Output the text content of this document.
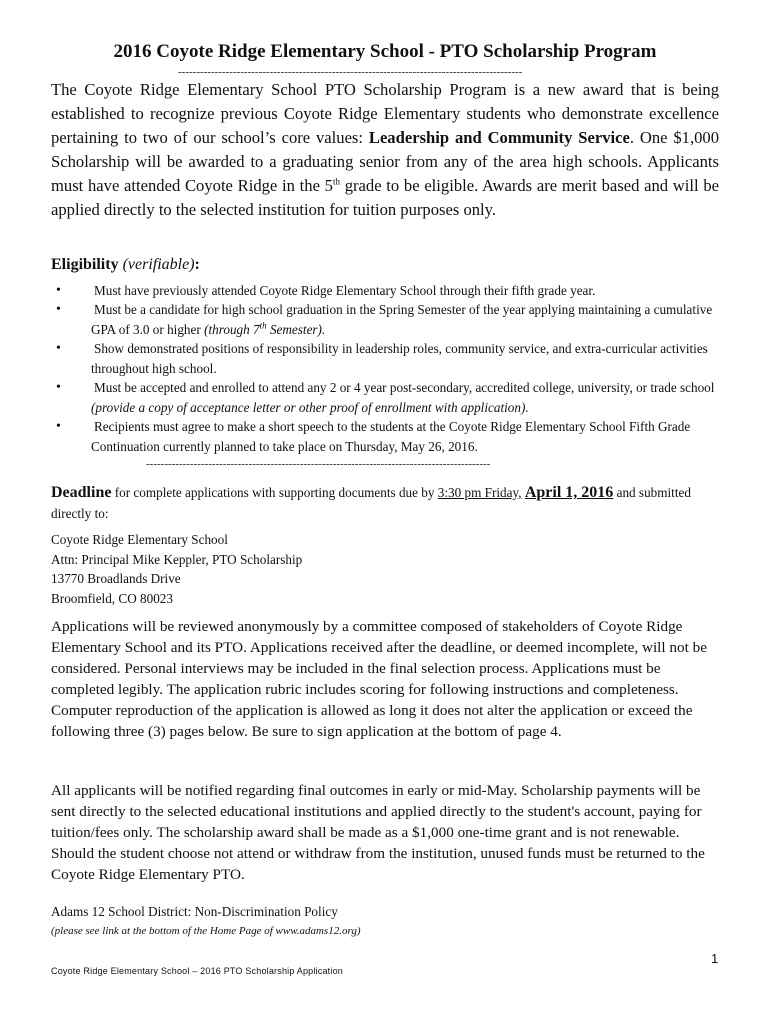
2016 Coyote Ridge Elementary School - PTO Scholarship Program
----------------------------------------------------------------------------------------------
The Coyote Ridge Elementary School PTO Scholarship Program is a new award that is being established to recognize previous Coyote Ridge Elementary students who demonstrate excellence pertaining to two of our school’s core values: Leadership and Community Service. One $1,000 Scholarship will be awarded to a graduating senior from any of the area high schools. Applicants must have attended Coyote Ridge in the 5th grade to be eligible. Awards are merit based and will be applied directly to the selected institution for tuition purposes only.
Eligibility (verifiable):
•	Must have previously attended Coyote Ridge Elementary School through their fifth grade year.
•	Must be a candidate for high school graduation in the Spring Semester of the year applying maintaining a cumulative GPA of 3.0 or higher (through 7th Semester).
•	Show demonstrated positions of responsibility in leadership roles, community service, and extra-curricular activities throughout high school.
•	Must be accepted and enrolled to attend any 2 or 4 year post-secondary, accredited college, university, or trade school (provide a copy of acceptance letter or other proof of enrollment with application).
•	Recipients must agree to make a short speech to the students at the Coyote Ridge Elementary School Fifth Grade Continuation currently planned to take place on Thursday, May 26, 2016.
----------------------------------------------------------------------------------------------
Deadline for complete applications with supporting documents due by 3:30 pm Friday, April 1, 2016 and submitted directly to:
Coyote Ridge Elementary School
Attn: Principal Mike Keppler, PTO Scholarship
13770 Broadlands Drive
Broomfield, CO 80023
Applications will be reviewed anonymously by a committee composed of stakeholders of Coyote Ridge Elementary School and its PTO. Applications received after the deadline, or deemed incomplete, will not be considered. Personal interviews may be included in the final selection process. Applications must be completed legibly. The application rubric includes scoring for following instructions and completeness. Computer reproduction of the application is allowed as long it does not alter the application or exceed the following three (3) pages below. Be sure to sign application at the bottom of page 4.
All applicants will be notified regarding final outcomes in early or mid-May. Scholarship payments will be sent directly to the selected educational institutions and applied directly to the student's account, paying for tuition/fees only. The scholarship award shall be made as a $1,000 one-time grant and is not renewable. Should the student choose not attend or withdraw from the institution, unused funds must be returned to the Coyote Ridge Elementary PTO.
Adams 12 School District: Non-Discrimination Policy
(please see link at the bottom of the Home Page of www.adams12.org)
1
Coyote Ridge Elementary School – 2016 PTO Scholarship Application
